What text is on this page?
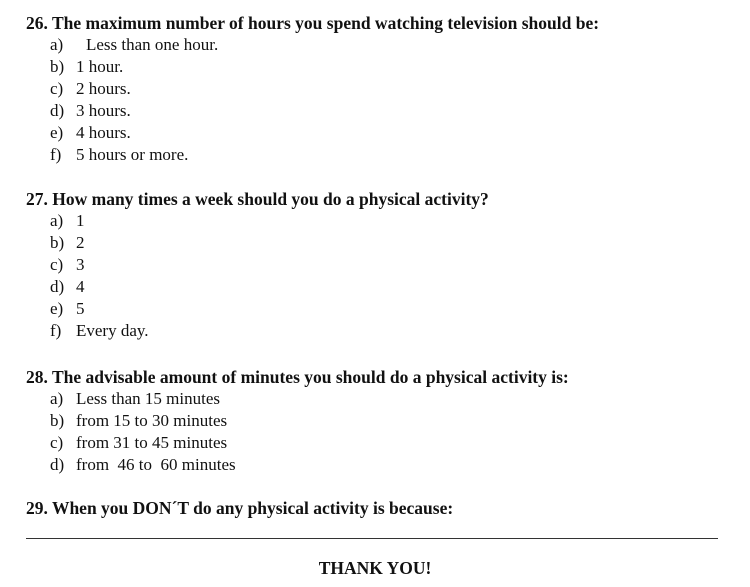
26. The maximum number of hours you spend watching television should be:
a) Less than one hour.
b) 1 hour.
c) 2 hours.
d) 3 hours.
e) 4 hours.
f) 5 hours or more.
27. How many times a week should you do a physical activity?
a) 1
b) 2
c) 3
d) 4
e) 5
f) Every day.
28. The advisable amount of minutes you should do a physical activity is:
a) Less than 15 minutes
b) from 15 to 30 minutes
c) from 31 to 45 minutes
d) from  46 to  60 minutes
29. When you DON´T do any physical activity is because:
THANK YOU!
